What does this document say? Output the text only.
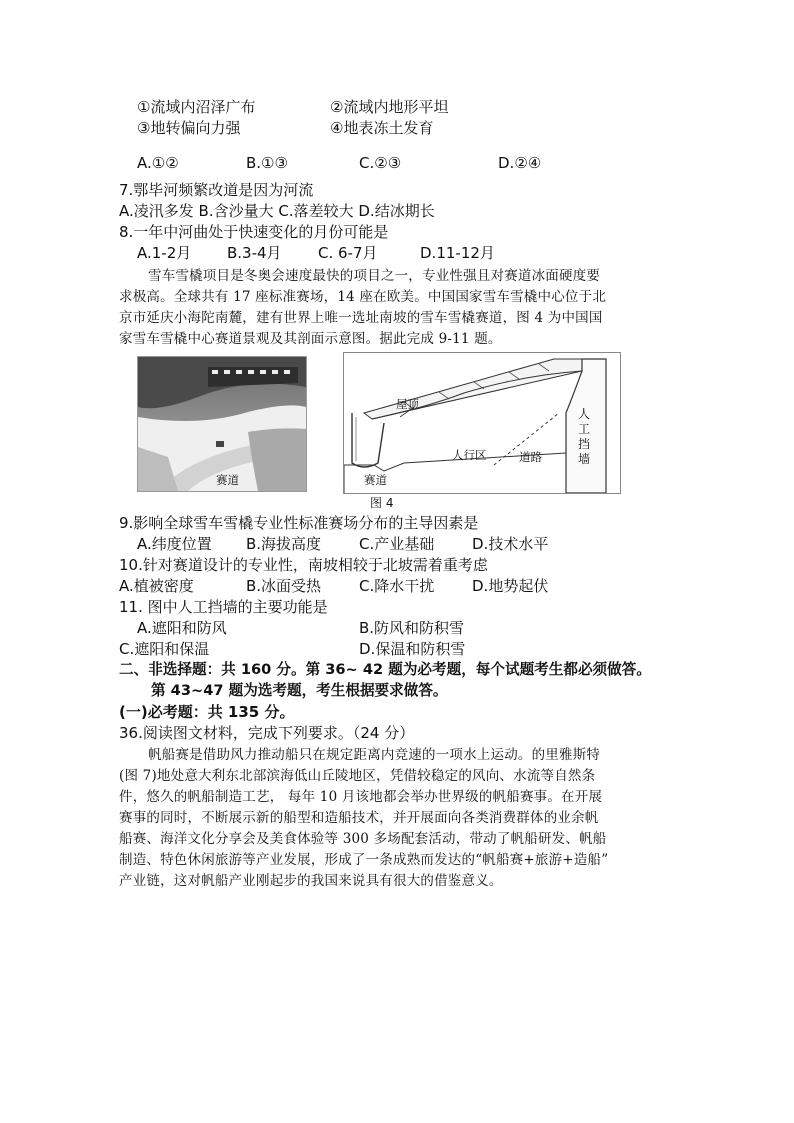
①流域内沼泽广布	②流域内地形平坦
③地转偏向力强	④地表冻土发育
A.①②	B.①③	C.②③	D.②④
7.鄂毕河频繁改道是因为河流
A.凌汛多发 B.含沙量大 C.落差较大 D.结冰期长
8.一年中河曲处于快速变化的月份可能是
A.1-2月 B.3-4月 C. 6-7月	D.11-12月
雪车雪橇项目是冬奥会速度最快的项目之一，专业性强且对赛道冰面硬度要
求极高。全球共有 17 座标准赛场，14 座在欧美。中国国家雪车雪橇中心位于北
京市延庆小海陀南麓，建有世界上唯一选址南坡的雪车雪橇赛道，图 4 为中国国
家雪车雪橇中心赛道景观及其剖面示意图。据此完成 9-11 题。
赛道
屋顶
人行区	道路
赛道
人
工
挡
墙
图 4
9.影响全球雪车雪橇专业性标准赛场分布的主导因素是
A.纬度位置 B.海拔高度	C.产业基础	D.技术水平
10.针对赛道设计的专业性，南坡相较于北坡需着重考虑
A.植被密度	B.冰面受热	C.降水干扰	D.地势起伏
11. 图中人工挡墙的主要功能是
A.遮阳和防风	B.防风和防积雪
C.遮阳和保温	D.保温和防积雪
二、非选择题：共 160 分。第 36~ 42 题为必考题，每个试题考生都必须做答。
第 43~47 题为选考题，考生根据要求做答。
(一)必考题：共 135 分。
36.阅读图文材料，完成下列要求。（24 分）
帆船赛是借助风力推动船只在规定距离内竞速的一项水上运动。的里雅斯特
(图 7)地处意大利东北部滨海低山丘陵地区，凭借较稳定的风向、水流等自然条
件，悠久的帆船制造工艺， 每年 10 月该地都会举办世界级的帆船赛事。在开展
赛事的同时，不断展示新的船型和造船技术，并开展面向各类消费群体的业余帆
船赛、海洋文化分享会及美食体验等 300 多场配套活动，带动了帆船研发、帆船
制造、特色休闲旅游等产业发展，形成了一条成熟而发达的“帆船赛+旅游+造船”
产业链，这对帆船产业刚起步的我国来说具有很大的借鉴意义。
